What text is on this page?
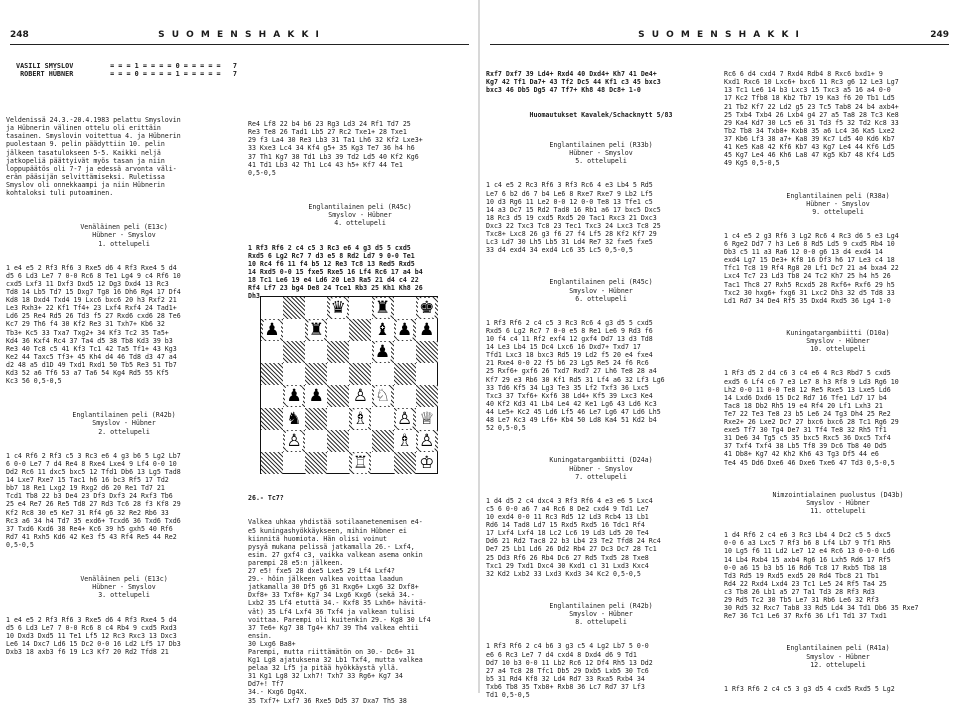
248	S U O M E N S H A K K I
VASILI SMYSLOV         = = = 1 = = = = 0 = = = = =   7
ROBERT HÜBNER         = = = 0 = = = = 1 = = = = =   7

Veldenissä 24.3.-20.4.1983 pelattu Smyslovin
ja Hübnerin välinen ottelu oli erittäin
tasainen. Smyslovin voitettua 4. ja Hübnerin
puolestaan 9. pelin päädyttiin 10. pelin
jälkeen tasatulokseen 5-5. Kaikki neljä
jatkopeliä päättyivät myös tasan ja niin
loppupäätös oli 7-7 ja edessä arvonta väli-
erän pääsijän selvittämiseksi. Ruletissa
Smyslov oli onnekkaampi ja niin Hübnerin
kohtaloksi tuli putoaminen.

Venäläinen peli (E13c)
Hübner - Smyslov
1. ottelupeli

1 e4 e5 2 Rf3 Rf6 3 Rxe5 d6 4 Rf3 Rxe4 5 d4
d5 6 Ld3 Le7 7 0-0 Rc6 8 Te1 Lg4 9 c4 Rf6 10
cxd5 Lxf3 11 Dxf3 Dxd5 12 Dg3 Dxd4 13 Rc3
Td8 14 Lb5 Td7 15 Dxg7 Tg8 16 Dh6 Rg4 17 Df4
Kd8 18 Dxd4 Txd4 19 Lxc6 bxc6 20 h3 Rxf2 21
Le3 Rxh3+ 22 Kf1 Tf4+ 23 Lxf4 Rxf4 24 Tad1+
Ld6 25 Re4 Rd5 26 Td3 f5 27 Rxd6 cxd6 28 Te6
Kc7 29 Th6 f4 30 Kf2 Re3 31 Txh7+ Kb6 32
Tb3+ Kc5 33 Txa7 Txg2+ 34 Kf3 Tc2 35 Ta5+
Kd4 36 Kxf4 Rc4 37 Ta4 d5 38 Tb8 Kd3 39 b3
Re3 40 Tc8 c5 41 Kf3 Tc1 42 Ta5 Tf1+ 43 Kg3
Ke2 44 Taxc5 Tf3+ 45 Kh4 d4 46 Td8 d3 47 a4
d2 48 a5 d1D 49 Txd1 Rxd1 50 Tb5 Re3 51 Tb7
Kd3 52 a6 Tf6 53 a7 Ta6 54 Kg4 Rd5 55 Kf5
Kc3 56 0,5-0,5

Englantilainen peli (R42b)
Smyslov - Hübner
2. ottelupeli

1 c4 Rf6 2 Rf3 c5 3 Rc3 e6 4 g3 b6 5 Lg2 Lb7
6 0-0 Le7 7 d4 Re4 8 Rxe4 Lxe4 9 Lf4 0-0 10
Dd2 Rc6 11 dxc5 bxc5 12 Tfd1 Db6 13 Lg5 Tad8
14 Lxe7 Rxe7 15 Tac1 h6 16 bc3 Rf5 17 Td2
bb7 18 Re1 Lxg2 19 Rxg2 d6 20 Re1 Td7 21
Tcd1 Tb8 22 b3 De4 23 Df3 Dxf3 24 Rxf3 Tb6
25 e4 Re7 26 Re5 Td8 27 Rd3 Tc6 28 f3 Kf8 29
Kf2 Rc8 30 e5 Ke7 31 Rf4 g6 32 Re2 Rb6 33
Rc3 a6 34 h4 Td7 35 exd6+ Tcxd6 36 Txd6 Txd6
37 Txd6 Kxd6 38 Re4+ Kc6 39 h5 gxh5 40 Rf6
Rd7 41 Rxh5 Kd6 42 Ke3 f5 43 Rf4 Re5 44 Re2
0,5-0,5

Venäläinen peli (E13c)
Hübner - Smyslov
3. ottelupeli

1 e4 e5 2 Rf3 Rf6 3 Rxe5 d6 4 Rf3 Rxe4 5 d4
d5 6 Ld3 Le7 7 0-0 Rc6 8 c4 Rb4 9 cxd5 Rxd3
10 Dxd3 Dxd5 11 Te1 Lf5 12 Rc3 Rxc3 13 Dxc3
Le6 14 Dxc7 Ld6 15 Dc2 0-0 16 Ld2 Lf5 17 Db3
Dxb3 18 axb3 f6 19 Lc3 Kf7 20 Rd2 Tfd8 21

Re4 Lf8 22 b4 b6 23 Rg3 Ld3 24 Rf1 Td7 25
Re3 Te8 26 Tad1 Lb5 27 Rc2 Txe1+ 28 Txe1
29 f3 La4 30 Re3 Lb3 31 Ta1 Lh6 32 Kf2 Lxe3+
33 Kxe3 Lc4 34 Kf4 g5+ 35 Kg3 Te7 36 h4 h6
37 Th1 Kg7 38 Td1 Lb3 39 Td2 Ld5 40 Kf2 Kg6
41 Td1 Lb3 42 Th1 Lc4 43 h5+ Kf7 44 Te1
0,5-0,5

Englantilainen peli (R45c)
Smyslov - Hübner
4. ottelupeli

1 Rf3 Rf6 2 c4 c5 3 Rc3 e6 4 g3 d5 5 cxd5
Rxd5 6 Lg2 Rc7 7 d3 e5 8 Rd2 Ld7 9 0-0 Te1
10 Rc4 f6 11 f4 b5 12 Re3 Tc8 13 Red5 Rxd5
14 Rxd5 0-0 15 fxe5 Rxe5 16 Lf4 Rc6 17 a4 b4
18 Tc1 Le6 19 e4 Ld6 20 Le3 Ra5 21 d4 c4 22
Rf4 Lf7 23 bg4 De8 24 Tce1 Rb3 25 Kh1 Kh8 26
Dh3

♛ ♜ ♚
♟ ♜	♝ ♟ ♟
♟
♟ ♟ ♙ ♘
♞	♗ ♙ ♕
♙	♗ ♙
♖	♔

26.- Tc7?

Valkea uhkaa yhdistää sotilaanetenemisen e4-
e5 kuningashyökkäykseen, mihin Hübner ei
kiinnitä huomiota. Hän olisi voinut
pysyä mukana pelissä jatkamalla 26.- Lxf4,
esim. 27 gxf4 c3, vaikka valkean asema onkin
parempi 28 e5:n jälkeen.
27 e5! fxe5 28 dxe5 Lxe5 29 Lf4 Lxf4?
29.- hôin jälkeen valkea voittaa laadun
jatkamalla 30 Df5 g6 31 Rxg6+ Lxg6 32 Dxf8+
Dxf8+ 33 Txf8+ Kg7 34 Lxg6 Kxg6 (sekä 34.-
Lxb2 35 Lf4 etuttä 34.- Kxf8 35 Lxh6+ hävitä-
vät) 35 Lf4 Lxf4 36 Txf4 ja valkean tulisi
voittaa. Parempi oli kuitenkin 29.- Kg8 30 Lf4
37 Te6+ Kg7 38 Tg4+ Kh7 39 Th4 valkea ehtii
ensin.
30 Lxg6 Ba8+
Parempi, mutta riittämätön on 30.- Dc6+ 31
Kg1 Lg8 ajatuksena 32 Lb1 Txf4, mutta valkea
pelaa 32 Lf5 ja pitää hyökkäystä yllä.
31 Kg1 Lg8 32 Lxh7! Txh7 33 Rg6+ Kg7 34
Dd7+! Tf7
34.- Kxg6 Dg4X.
35 Txf7+ Lxf7 36 Rxe5 Dd5 37 Dxa7 Th5 38

S U O M E N S H A K K I	249

Rxf7 Dxf7 39 Ld4+ Rxd4 40 Dxd4+ Kh7 41 De4+
Kg7 42 Tf1 Da7+ 43 Tf2 Dc5 44 Kf1 c3 45 bxc3
bxc3 46 Db5 Dg5 47 Tf7+ Kh8 48 Dc8+ 1-0

Huomautukset Kavalek/Schacknytt 5/83

Englantilainen peli (R33b)
Hübner - Smyslov
5. ottelupeli

1 c4 e5 2 Rc3 Rf6 3 Rf3 Rc6 4 e3 Lb4 5 Rd5
Le7 6 b2 d6 7 b4 Le6 8 Rxe7 Rxe7 9 Lb2 Lf5
10 d3 Rg6 11 Le2 0-0 12 0-0 Te8 13 Tfe1 c5
14 a3 Dc7 15 Rd2 Tad8 16 Rb1 a6 17 bxc5 Dxc5
18 Rc3 d5 19 cxd5 Rxd5 20 Tac1 Rxc3 21 Dxc3
Dxc3 22 Txc3 Tc8 23 Tec1 Txc3 24 Lxc3 Tc8 25
Txc8+ Lxc8 26 g3 f6 27 f4 Lf5 28 Kf2 Kf7 29
Lc3 Ld7 30 Lh5 Lb5 31 Ld4 Re7 32 fxe5 fxe5
33 d4 exd4 34 exd4 Lc6 35 Lc5 0,5-0,5

Englantilainen peli (R45c)
Smyslov - Hübner
6. ottelupeli

1 Rf3 Rf6 2 c4 c5 3 Rc3 Rc6 4 g3 d5 5 cxd5
Rxd5 6 Lg2 Rc7 7 0-0 e5 8 Re1 Le6 9 Rd3 f6
10 f4 c4 11 Rf2 exf4 12 gxf4 Dd7 13 d3 Td8
14 Le3 Lb4 15 Dc4 Lxc6 16 Dxd7+ Txd7 17
Tfd1 Lxc3 18 bxc3 Rd5 19 Ld2 f5 20 e4 fxe4
21 Rxe4 0-0 22 f5 b6 23 Lg5 Re5 24 f6 Rc6
25 Rxf6+ gxf6 26 Txd7 Rxd7 27 Lh6 Te8 28 a4
Kf7 29 e3 Rb6 30 Kf1 Rd5 31 Lf4 a6 32 Lf3 Lg6
33 Td6 Kf5 34 Lg3 Te3 35 Lf2 Txf3 36 Lxc5
Txc3 37 Txf6+ Kxf6 38 Ld4+ Kf5 39 Lxc3 Ke4
40 Kf2 Kd3 41 Lb4 Le4 42 Ke1 Lg6 43 Ld6 Kc3
44 Le5+ Kc2 45 Ld6 Lf5 46 Le7 Lg6 47 Ld6 Lh5
48 Le7 Kc3 49 Lf6+ Kb4 50 Ld8 Ka4 51 Kd2 b4
52 0,5-0,5

Kuningatargambiitti (D24a)
Hübner - Smyslov
7. ottelupeli

1 d4 d5 2 c4 dxc4 3 Rf3 Rf6 4 e3 e6 5 Lxc4
c5 6 0-0 a6 7 a4 Rc6 8 De2 cxd4 9 Td1 Le7
10 exd4 0-0 11 Rc3 Rd5 12 Ld3 Rcb4 13 Lb1
Rd6 14 Tad8 Ld7 15 Rxd5 Rxd5 16 Tdc1 Rf4
17 Lxf4 Lxf4 18 Lc2 Lc6 19 Ld3 Ld5 20 Te4
Dd6 21 Rd2 Tac8 22 b3 Lb4 23 Te2 Tfd8 24 Rc4
De7 25 Lb1 Ld6 26 Dd2 Rb4 27 Dc3 Dc7 28 Tc1
25 Dd3 Rf6 26 Rb4 Dc6 27 Rd5 Txd5 28 Txe8
Txc1 29 Txd1 Dxc4 30 Kxd1 c1 31 Lxd3 Kxc4
32 Kd2 Lxb2 33 Lxd3 Kxd3 34 Kc2 0,5-0,5

Englantilainen peli (R42b)
Smyslov - Hübner
8. ottelupeli

1 Rf3 Rf6 2 c4 b6 3 g3 c5 4 Lg2 Lb7 5 0-0
e6 6 Rc3 Le7 7 d4 cxd4 8 Dxd4 d6 9 Td1
Dd7 10 b3 0-0 11 Lb2 Rc6 12 Df4 Rh5 13 Dd2
27 a4 Tc8 28 Tfc1 Db5 29 Dxb5 Lxb5 30 Tc6
b5 31 Rd4 Kf8 32 Ld4 Rd7 33 Rxa5 Rxb4 34
Txb6 Tb8 35 Txb8+ Rxb8 36 Lc7 Rd7 37 Lf3
Td1 0,5-0,5

Rc6 6 d4 cxd4 7 Rxd4 Rdb4 8 Rxc6 bxd1+ 9
Kxd1 Rxc6 10 Lxc6+ bxc6 11 Rc3 g6 12 Le3 Lg7
13 Tc1 Le6 14 b3 Lxc3 15 Txc3 a5 16 a4 0-0
17 Kc2 Tfb8 18 Kb2 Tb7 19 Ka3 f6 20 Tb1 Ld5
21 Tb2 Kf7 22 Ld2 g5 23 Tc5 Tab8 24 b4 axb4+
25 Txb4 Txb4 26 Lxb4 g4 27 a5 Ta8 28 Tc3 Ke8
29 Ka4 Kd7 30 Lc5 e6 31 Td3 f5 32 Td2 Kc8 33
Tb2 Tb8 34 Txb8+ Kxb8 35 a6 Lc4 36 Ka5 Lxe2
37 Kb6 Lf3 38 a7+ Ka8 39 Kc7 Ld5 40 Kd6 Kb7
41 Ke5 Ka8 42 Kf6 Kb7 43 Kg7 Le4 44 Kf6 Ld5
45 Kg7 Le4 46 Kh6 La8 47 Kg5 Kb7 48 Kf4 Ld5
49 Kg5 0,5-0,5

Englantilainen peli (R38a)
Hübner - Smyslov
9. ottelupeli

1 c4 e5 2 g3 Rf6 3 Lg2 Rc6 4 Rc3 d6 5 e3 Lg4
6 Rge2 Dd7 7 h3 Le6 8 Rd5 Ld5 9 cxd5 Rb4 10
Db3 c5 11 a3 Ra6 12 0-0 g6 13 d4 exd4 14
exd4 Lg7 15 De3+ Kf8 16 Df3 h6 17 Le3 c4 18
Tfc1 Tc8 19 Rf4 Rg8 20 Lf1 Dc7 21 a4 bxa4 22
Lxc4 Tc7 23 Ld3 Tb8 24 Tc2 Kh7 25 h4 h5 26
Tac1 Thc8 27 Rxh5 Rcxd5 28 Rxf6+ Rxf6 29 h5
Txc2 30 hxg6+ fxg6 31 Lxc2 Dh3 32 d5 Td8 33
Ld1 Rd7 34 De4 Rf5 35 Dxd4 Rxd5 36 Lg4 1-0

Kuningatargambiitti (D10a)
Smyslov - Hübner
10. ottelupeli

1 Rf3 d5 2 d4 c6 3 c4 e6 4 Rc3 Rbd7 5 cxd5
exd5 6 Lf4 c6 7 e3 Le7 8 h3 Rf8 9 Ld3 Rg6 10
Lh2 0-0 11 0-0 Te8 12 Re5 Rxe5 13 Lxe5 Ld6
14 Lxd6 Dxd6 15 Dc2 Rd7 16 Tfe1 Ld7 17 b4
Tac8 18 Db2 Rh5 19 e4 Rf4 20 Lf1 Lxh3 21
Te7 22 Te3 Te8 23 b5 Le6 24 Tg3 Dh4 25 Re2
Rxe2+ 26 Lxe2 Dc7 27 bxc6 bxc6 28 Tc1 Rg6 29
exe5 Tf7 30 Tg4 De7 31 Tf4 Te8 32 Rh5 Tf1
31 De6 34 Tg5 c5 35 bxc5 Rxc5 36 Dxc5 Txf4
37 Txf4 Txf4 38 Lb5 Tf8 39 Dc6 Tb8 40 Dd5
41 Db8+ Kg7 42 Kh2 Kh6 43 Tg3 Df5 44 e6
Te4 45 Dd6 Dxe6 46 Dxe6 Txe6 47 Td3 0,5-0,5

Nimzointialainen puolustus (D43b)
Smyslov - Hübner
11. ottelupeli

1 d4 Rf6 2 c4 e6 3 Rc3 Lb4 4 Dc2 c5 5 dxc5
0-0 6 a3 Lxc5 7 Rf3 b6 8 Lf4 Lb7 9 Tf1 Rh5
10 Lg5 f6 11 Ld2 Le7 12 e4 Rc6 13 0-0-0 Ld6
14 Lb4 Rxb4 15 axb4 Rg6 16 Lxh5 Rd6 17 Rf5
0-0 a6 15 b3 b5 16 Rd6 Tc8 17 Rxb5 Tb8 18
Td3 Rd5 19 Rxd5 exd5 20 Rd4 Tbc8 21 Tb1
Rd4 22 Rxd4 Lxd4 23 Tc1 Le5 24 Rf5 Ta4 25
c3 Tb8 26 Lb1 a5 27 Ta1 Td3 28 Rf3 Rd3
29 Rd5 Tc2 30 Tb5 Le7 31 Rb6 Le6 32 Rf3
30 Rd5 32 Rxc7 Tab8 33 Rd5 Ld4 34 Td1 Db6 35 Rxe7
Re7 36 Tc1 Le6 37 Rxf6 36 Lf1 Td1 37 Txd1

Englantilainen peli (R41a)
Smyslov - Hübner
12. ottelupeli

1 Rf3 Rf6 2 c4 c5 3 g3 d5 4 cxd5 Rxd5 5 Lg2
